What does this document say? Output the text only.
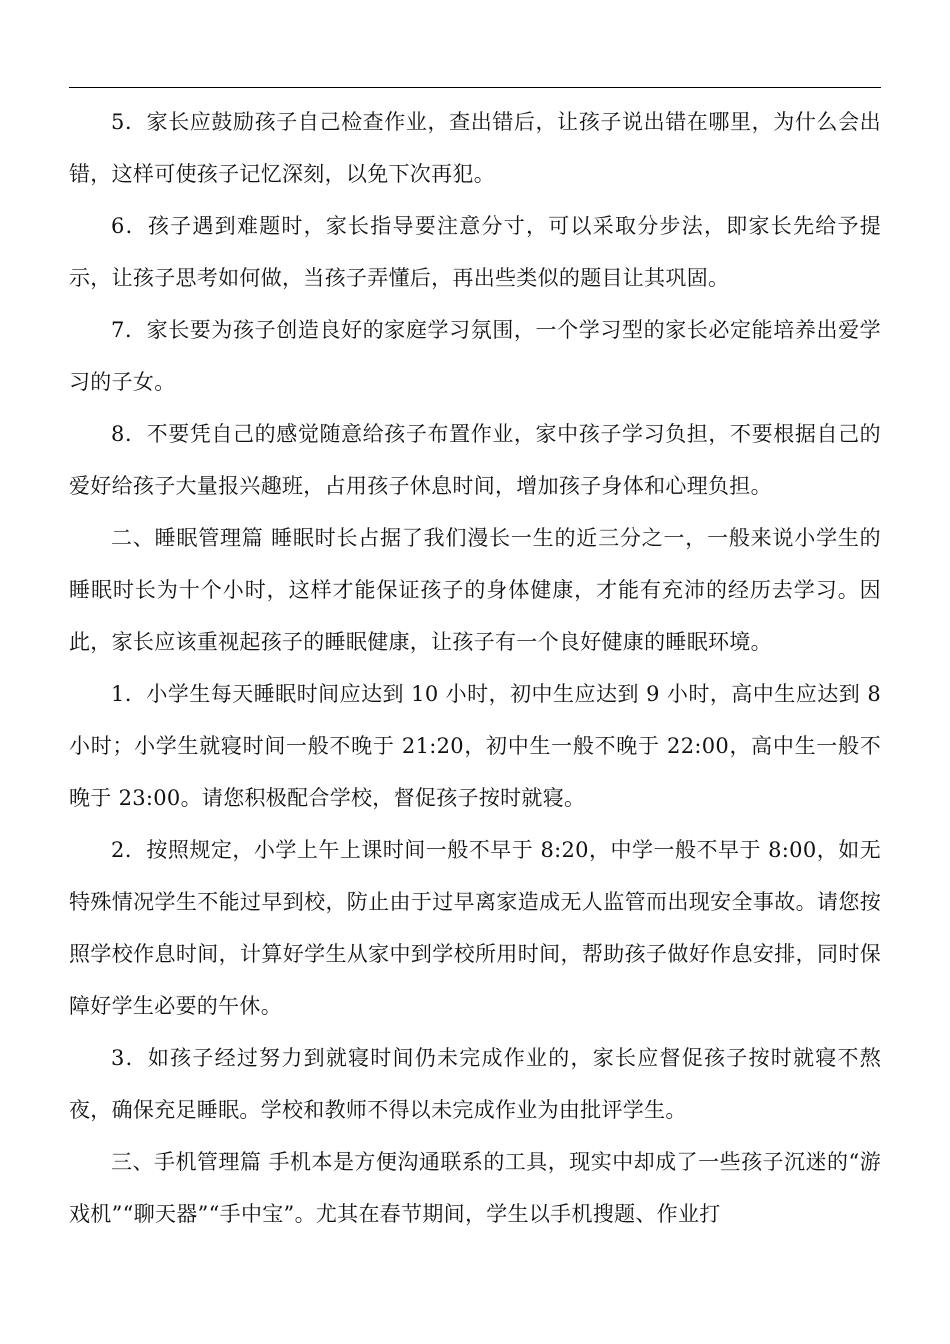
5．家长应鼓励孩子自己检查作业，查出错后，让孩子说出错在哪里，为什么会出错，这样可使孩子记忆深刻，以免下次再犯。

6．孩子遇到难题时，家长指导要注意分寸，可以采取分步法，即家长先给予提示，让孩子思考如何做，当孩子弄懂后，再出些类似的题目让其巩固。

7．家长要为孩子创造良好的家庭学习氛围，一个学习型的家长必定能培养出爱学习的子女。

8．不要凭自己的感觉随意给孩子布置作业，家中孩子学习负担，不要根据自己的爱好给孩子大量报兴趣班，占用孩子休息时间，增加孩子身体和心理负担。

二、睡眠管理篇 睡眠时长占据了我们漫长一生的近三分之一，一般来说小学生的睡眠时长为十个小时，这样才能保证孩子的身体健康，才能有充沛的经历去学习。因此，家长应该重视起孩子的睡眠健康，让孩子有一个良好健康的睡眠环境。

1．小学生每天睡眠时间应达到 10 小时，初中生应达到 9 小时，高中生应达到 8 小时；小学生就寝时间一般不晚于 21:20，初中生一般不晚于 22:00，高中生一般不晚于 23:00。请您积极配合学校，督促孩子按时就寝。

2．按照规定，小学上午上课时间一般不早于 8:20，中学一般不早于 8:00，如无特殊情况学生不能过早到校，防止由于过早离家造成无人监管而出现安全事故。请您按照学校作息时间，计算好学生从家中到学校所用时间，帮助孩子做好作息安排，同时保障好学生必要的午休。

3．如孩子经过努力到就寝时间仍未完成作业的，家长应督促孩子按时就寝不熬夜，确保充足睡眠。学校和教师不得以未完成作业为由批评学生。

三、手机管理篇 手机本是方便沟通联系的工具，现实中却成了一些孩子沉迷的“游戏机”“聊天器”“手中宝”。尤其在春节期间，学生以手机搜题、作业打
